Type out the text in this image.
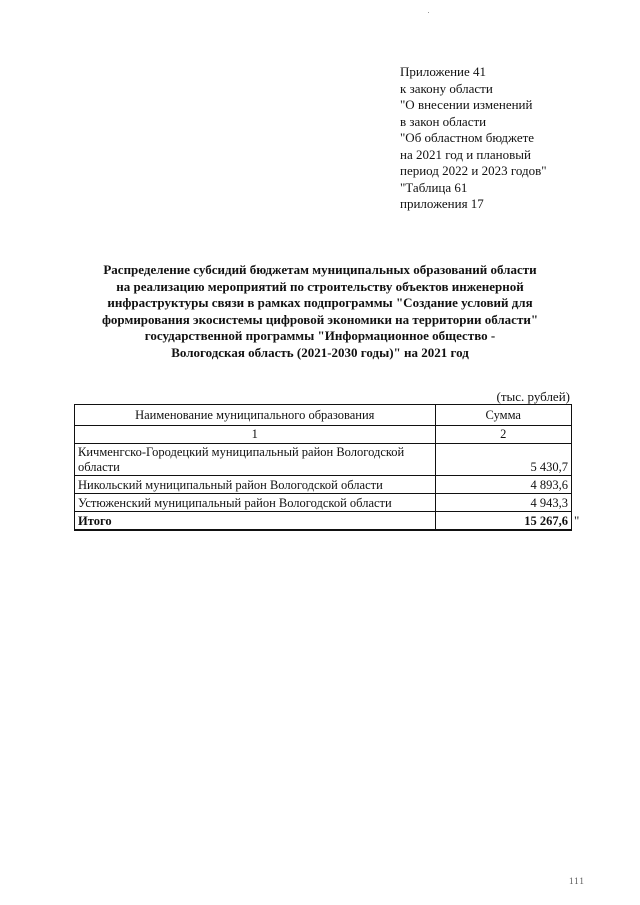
Приложение 41
к закону области
"О внесении изменений
в закон области
"Об областном бюджете
на 2021 год и плановый
период 2022 и 2023 годов"
"Таблица 61
приложения 17
Распределение субсидий бюджетам муниципальных образований области
на реализацию мероприятий по строительству объектов инженерной
инфраструктуры связи в рамках подпрограммы "Создание условий для
формирования экосистемы цифровой экономики на территории области"
государственной программы "Информационное общество -
Вологодская область (2021-2030 годы)" на 2021 год
(тыс. рублей)
Наименование муниципального образования	Сумма
1	2
Кичменгско-Городецкий муниципальный район Вологодской
области	5 430,7
Никольский муниципальный район Вологодской области	4 893,6
Устюженский муниципальный район Вологодской области	4 943,3
Итого	15 267,6 "
111
